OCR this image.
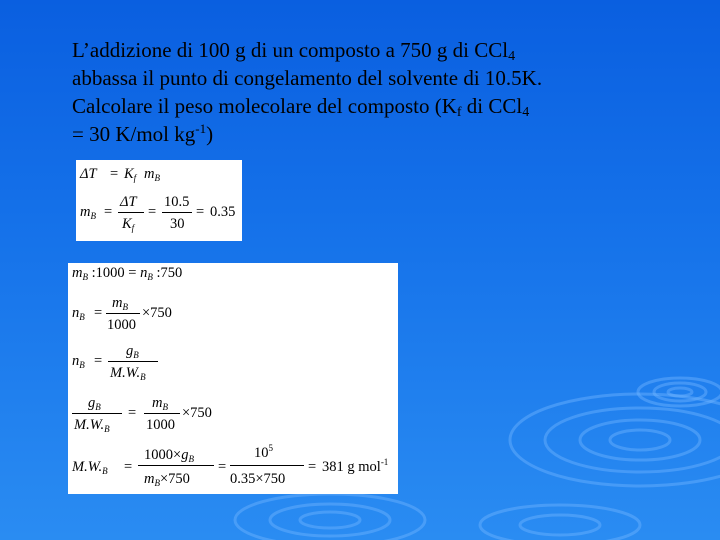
L’addizione di 100 g di un composto a 750 g di CCl$_4$
abbassa il punto di congelamento del solvente di 10.5K.
Calcolare il peso molecolare del composto ($K_f$ di CCl$_4$
= 30 K/mol $kg^{-1}$)
$\Delta T = K_f$ $m_B$
$m_B$ =
ΔT
$K_f$
=
10.5
30
= 0.35
$m_B$ :1000 = $n_B$ :750
$n_B$ =
$m_B$
1000
×750
$n_B$ =
$g_B$
$M.W._B$
$g_B$
$M.W._B$
=
$m_B$
1000
×750
$M.W._B$ =
$1000\times g_B$
$m_B\times 750$
=
$10^5$
0.35×750
= 381 g mol$^{-1}$
